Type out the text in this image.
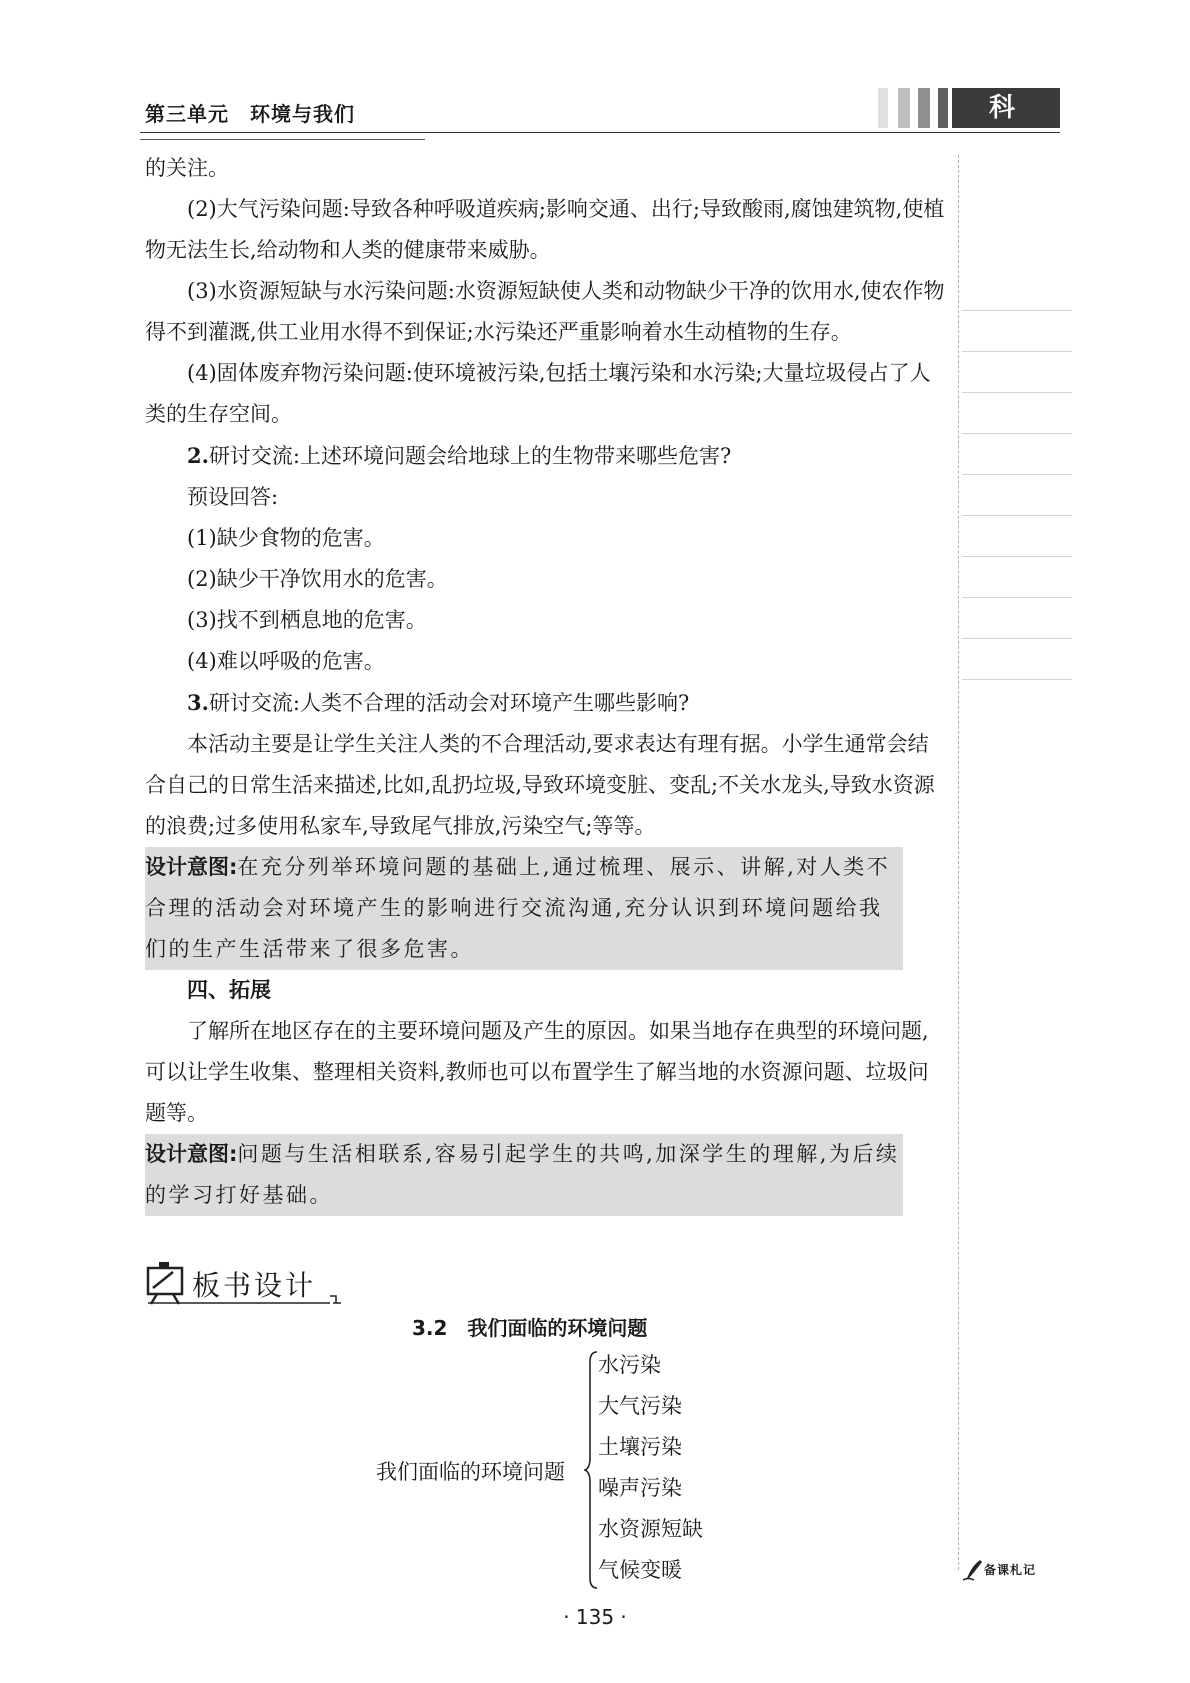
第三单元　环境与我们	科 学

的关注。

(2)大气污染问题:导致各种呼吸道疾病;影响交通、出行;导致酸雨,腐蚀建筑物,使植物无法生长,给动物和人类的健康带来威胁。

(3)水资源短缺与水污染问题:水资源短缺使人类和动物缺少干净的饮用水,使农作物得不到灌溉,供工业用水得不到保证;水污染还严重影响着水生动植物的生存。

(4)固体废弃物污染问题:使环境被污染,包括土壤污染和水污染;大量垃圾侵占了人类的生存空间。

2.研讨交流:上述环境问题会给地球上的生物带来哪些危害?

预设回答:

(1)缺少食物的危害。

(2)缺少干净饮用水的危害。

(3)找不到栖息地的危害。

(4)难以呼吸的危害。

3.研讨交流:人类不合理的活动会对环境产生哪些影响?

本活动主要是让学生关注人类的不合理活动,要求表达有理有据。小学生通常会结合自己的日常生活来描述,比如,乱扔垃圾,导致环境变脏、变乱;不关水龙头,导致水资源的浪费;过多使用私家车,导致尾气排放,污染空气;等等。

设计意图:在充分列举环境问题的基础上,通过梳理、展示、讲解,对人类不合理的活动会对环境产生的影响进行交流沟通,充分认识到环境问题给我们的生产生活带来了很多危害。

四、拓展

了解所在地区存在的主要环境问题及产生的原因。如果当地存在典型的环境问题,可以让学生收集、整理相关资料,教师也可以布置学生了解当地的水资源问题、垃圾问题等。

设计意图:问题与生活相联系,容易引起学生的共鸣,加深学生的理解,为后续的学习打好基础。

板书设计
3.2　我们面临的环境问题
我们面临的环境问题
水污染
大气污染
土壤污染
噪声污染
水资源短缺
气候变暖
· 135 ·
备课札记
